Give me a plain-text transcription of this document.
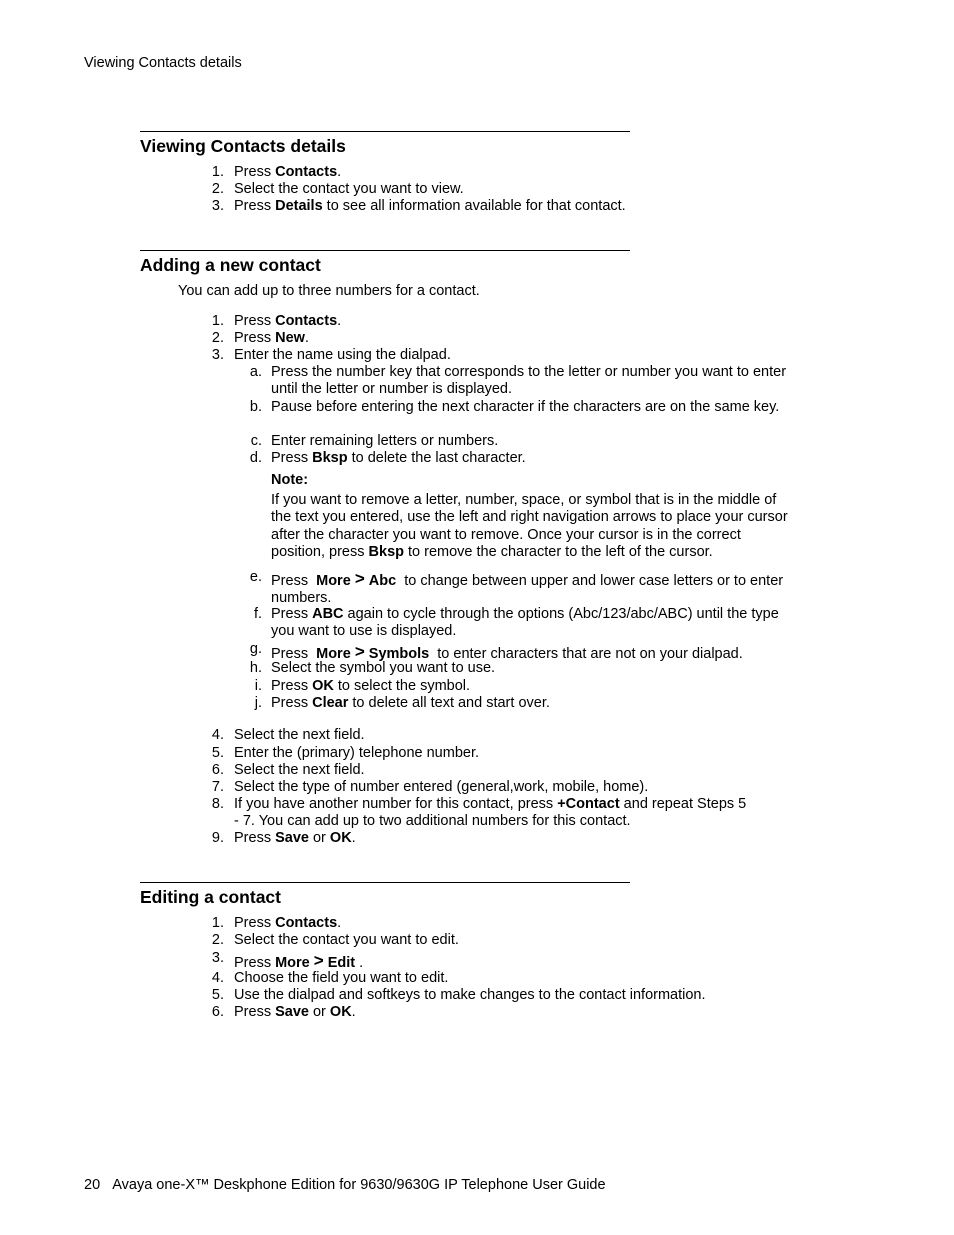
Viewing Contacts details
Viewing Contacts details
1. Press Contacts.
2. Select the contact you want to view.
3. Press Details to see all information available for that contact.
Adding a new contact
You can add up to three numbers for a contact.
1. Press Contacts.
2. Press New.
3. Enter the name using the dialpad.
a. Press the number key that corresponds to the letter or number you want to enter until the letter or number is displayed.
b. Pause before entering the next character if the characters are on the same key.
c. Enter remaining letters or numbers.
d. Press Bksp to delete the last character.
Note:
If you want to remove a letter, number, space, or symbol that is in the middle of the text you entered, use the left and right navigation arrows to place your cursor after the character you want to remove. Once your cursor is in the correct position, press Bksp to remove the character to the left of the cursor.
e. Press  More > Abc  to change between upper and lower case letters or to enter numbers.
f. Press ABC again to cycle through the options (Abc/123/abc/ABC) until the type you want to use is displayed.
g. Press  More > Symbols  to enter characters that are not on your dialpad.
h. Select the symbol you want to use.
i. Press OK to select the symbol.
j. Press Clear to delete all text and start over.
4. Select the next field.
5. Enter the (primary) telephone number.
6. Select the next field.
7. Select the type of number entered (general,work, mobile, home).
8. If you have another number for this contact, press +Contact and repeat Steps 5
- 7. You can add up to two additional numbers for this contact.
9. Press Save or OK.
Editing a contact
1. Press Contacts.
2. Select the contact you want to edit.
3. Press More > Edit .
4. Choose the field you want to edit.
5. Use the dialpad and softkeys to make changes to the contact information.
6. Press Save or OK.
20 Avaya one-X™ Deskphone Edition for 9630/9630G IP Telephone User Guide
